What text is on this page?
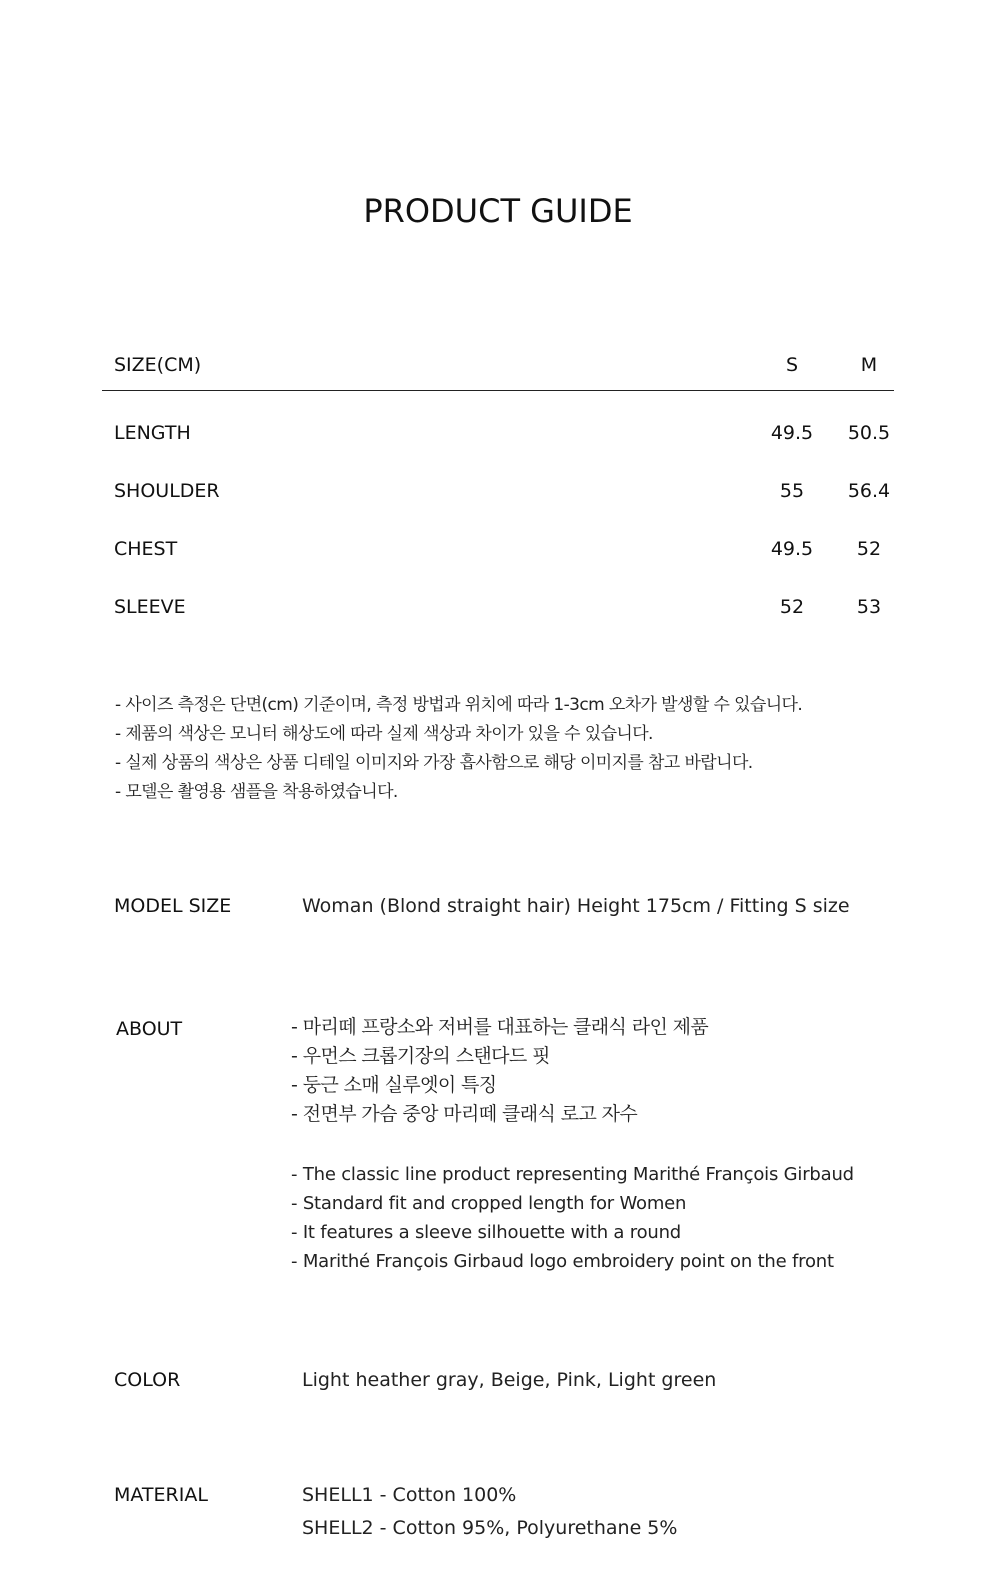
PRODUCT GUIDE
SIZE(CM)	S	M
LENGTH	49.5	50.5
SHOULDER	55	56.4
CHEST	49.5	52
SLEEVE	52	53
- 사이즈 측정은 단면(cm) 기준이며, 측정 방법과 위치에 따라 1-3cm 오차가 발생할 수 있습니다.
- 제품의 색상은 모니터 해상도에 따라 실제 색상과 차이가 있을 수 있습니다.
- 실제 상품의 색상은 상품 디테일 이미지와 가장 흡사함으로 해당 이미지를 참고 바랍니다.
- 모델은 촬영용 샘플을 착용하였습니다.
MODEL SIZE	Woman (Blond straight hair) Height 175cm / Fitting S size
ABOUT	- 마리떼 프랑소와 저버를 대표하는 클래식 라인 제품
- 우먼스 크롭기장의 스탠다드 핏
- 둥근 소매 실루엣이 특징
- 전면부 가슴 중앙 마리떼 클래식 로고 자수
- The classic line product representing Marithé François Girbaud
- Standard fit and cropped length for Women
- It features a sleeve silhouette with a round
- Marithé François Girbaud logo embroidery point on the front
COLOR	Light heather gray, Beige, Pink, Light green
MATERIAL	SHELL1 - Cotton 100%
SHELL2 - Cotton 95%, Polyurethane 5%
